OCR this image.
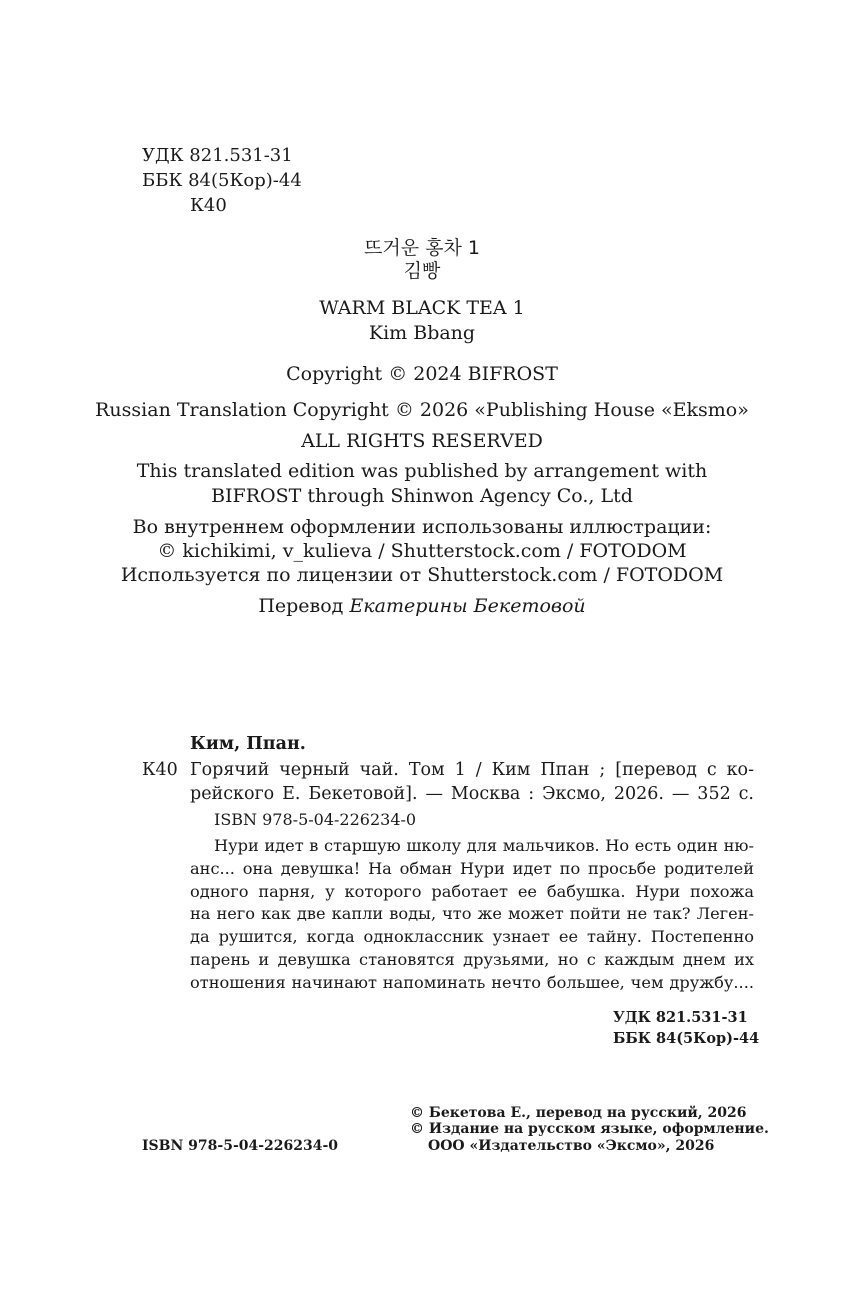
УДК 821.531-31
ББК 84(5Кор)-44
К40
뜨거운 홍차 1
김빵
WARM BLACK TEA 1
Kim Bbang
Copyright © 2024 BIFROST
Russian Translation Copyright © 2026 «Publishing House «Eksmo»
ALL RIGHTS RESERVED
This translated edition was published by arrangement with
BIFROST through Shinwon Agency Co., Ltd
Во внутреннем оформлении использованы иллюстрации:
© kichikimi, v_kulieva / Shutterstock.com / FOTODOM
Используется по лицензии от Shutterstock.com / FOTODOM
Перевод Екатерины Бекетовой
Ким, Ппан.
К40 Горячий черный чай. Том 1 / Ким Ппан ; [перевод с ко-
рейского Е. Бекетовой]. — Москва : Эксмо, 2026. — 352 с.
ISBN 978-5-04-226234-0
Нури идет в старшую школу для мальчиков. Но есть один ню-
анс... она девушка! На обман Нури идет по просьбе родителей
одного парня, у которого работает ее бабушка. Нури похожа
на него как две капли воды, что же может пойти не так? Леген-
да рушится, когда одноклассник узнает ее тайну. Постепенно
парень и девушка становятся друзьями, но с каждым днем их
отношения начинают напоминать нечто большее, чем дружбу....
УДК 821.531-31
ББК 84(5Кор)-44
ISBN 978-5-04-226234-0
© Бекетова Е., перевод на русский, 2026
© Издание на русском языке, оформление.
ООО «Издательство «Эксмо», 2026
